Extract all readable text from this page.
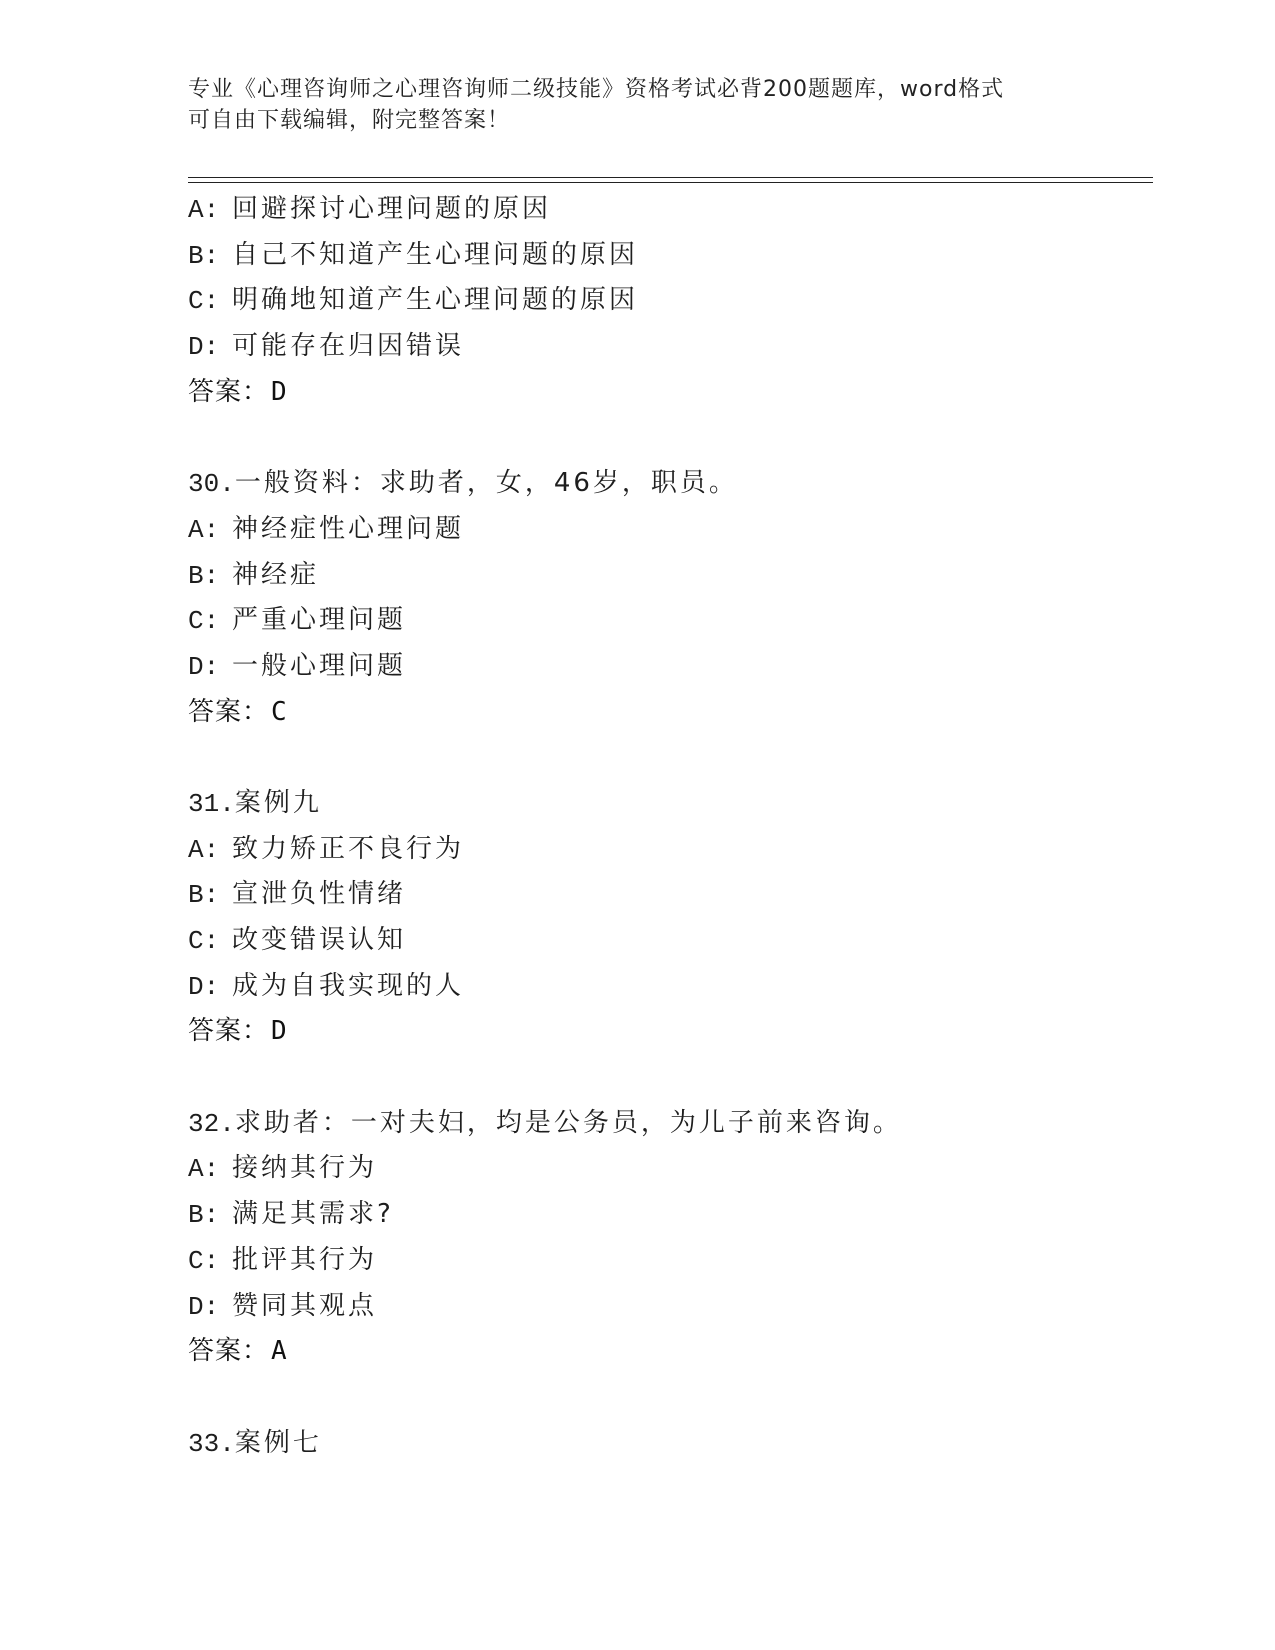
专业《心理咨询师之心理咨询师二级技能》资格考试必背200题题库，word格式
可自由下载编辑，附完整答案！
A: 回避探讨心理问题的原因
B: 自己不知道产生心理问题的原因
C: 明确地知道产生心理问题的原因
D: 可能存在归因错误
答案：D
30.一般资料：求助者，女，46岁，职员。
A: 神经症性心理问题
B: 神经症
C: 严重心理问题
D: 一般心理问题
答案：C
31.案例九
A: 致力矫正不良行为
B: 宣泄负性情绪
C: 改变错误认知
D: 成为自我实现的人
答案：D
32.求助者：一对夫妇，均是公务员，为儿子前来咨询。
A: 接纳其行为
B: 满足其需求?
C: 批评其行为
D: 赞同其观点
答案：A
33.案例七
